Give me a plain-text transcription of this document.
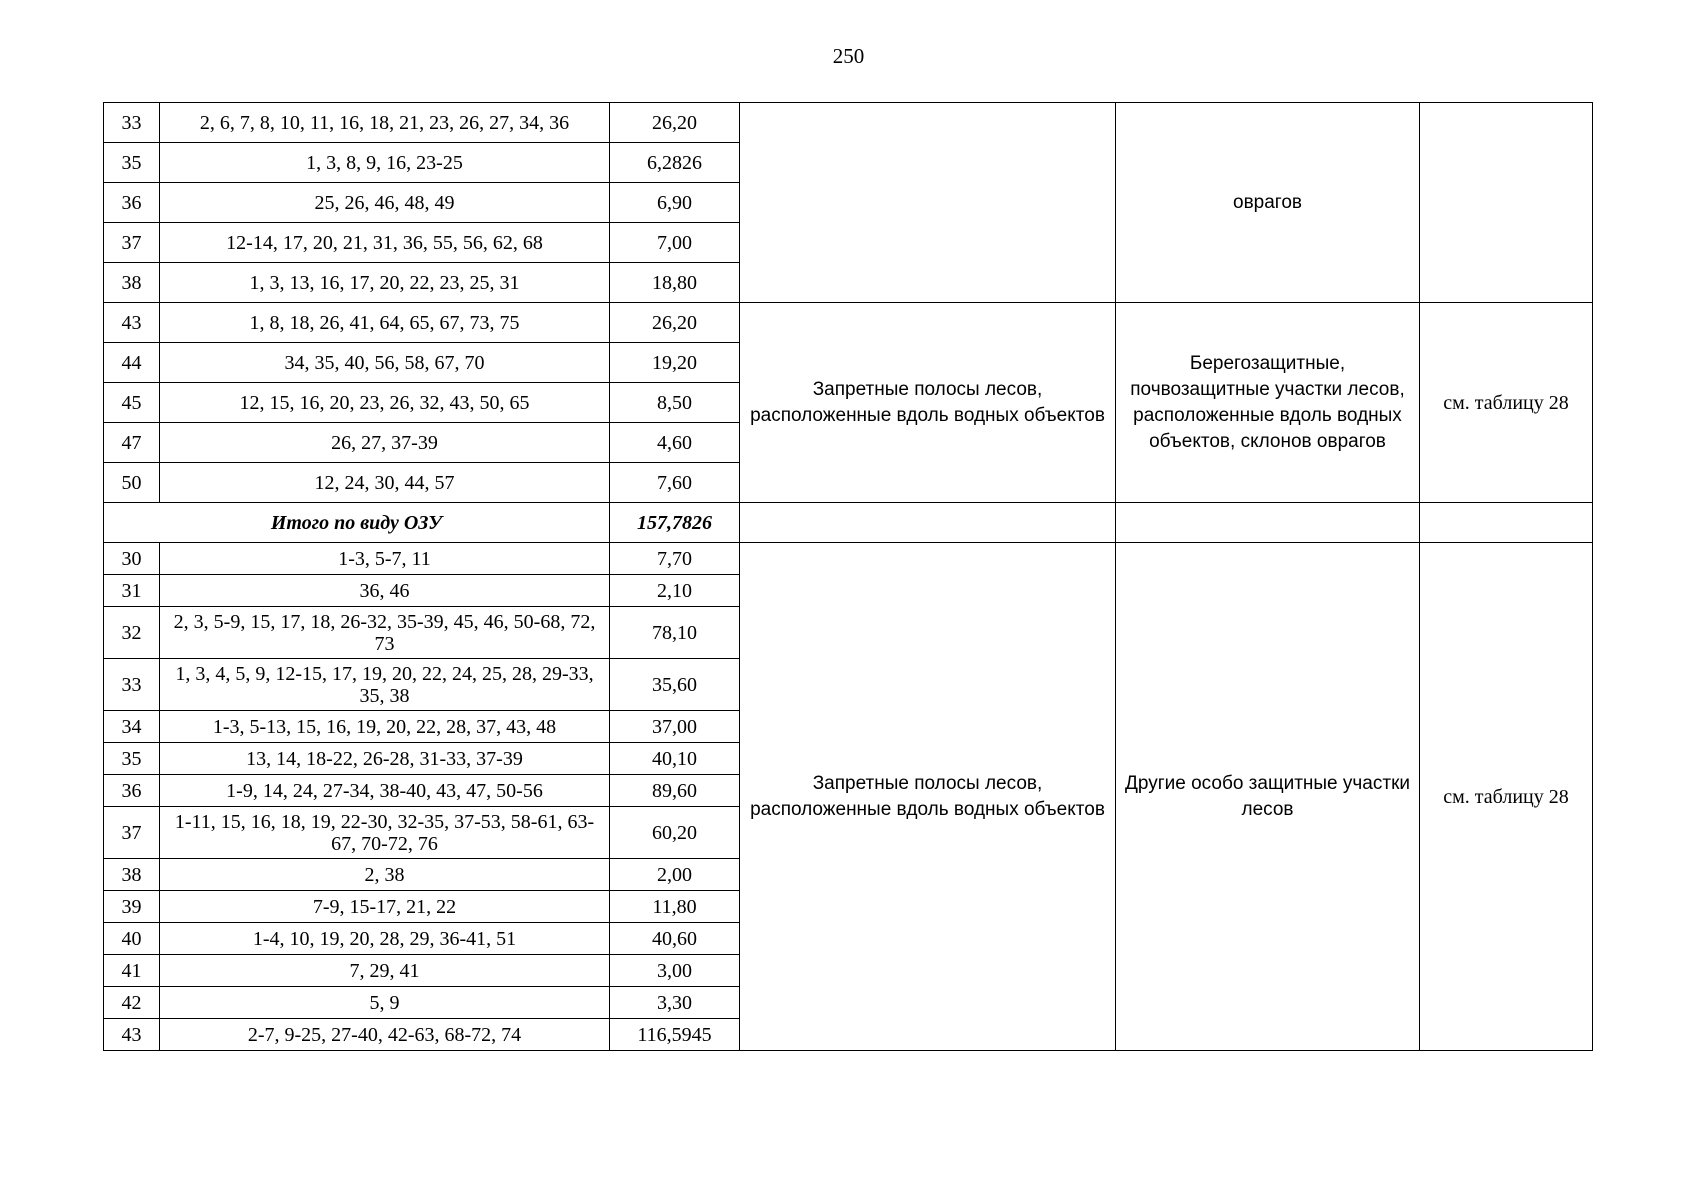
250
33	2, 6, 7, 8, 10, 11, 16, 18, 21, 23, 26, 27, 34, 36	26,20		оврагов	
35	1, 3, 8, 9, 16, 23-25	6,2826			
36	25, 26, 46, 48, 49	6,90			
37	12-14, 17, 20, 21, 31, 36, 55, 56, 62, 68	7,00			
38	1, 3, 13, 16, 17, 20, 22, 23, 25, 31	18,80			
43	1, 8, 18, 26, 41, 64, 65, 67, 73, 75	26,20	Запретные полосы лесов, расположенные вдоль водных объектов	Берегозащитные, почвозащитные участки лесов, расположенные вдоль водных объектов, склонов оврагов	см. таблицу 28
44	34, 35, 40, 56, 58, 67, 70	19,20			
45	12, 15, 16, 20, 23, 26, 32, 43, 50, 65	8,50			
47	26, 27, 37-39	4,60			
50	12, 24, 30, 44, 57	7,60			
Итого по виду ОЗУ		157,7826			
30	1-3, 5-7, 11	7,70	Запретные полосы лесов, расположенные вдоль водных объектов	Другие особо защитные участки лесов	см. таблицу 28
31	36, 46	2,10			
32	2, 3, 5-9, 15, 17, 18, 26-32, 35-39, 45, 46, 50-68, 72, 73	78,10			
33	1, 3, 4, 5, 9, 12-15, 17, 19, 20, 22, 24, 25, 28, 29-33, 35, 38	35,60			
34	1-3, 5-13, 15, 16, 19, 20, 22, 28, 37, 43, 48	37,00			
35	13, 14, 18-22, 26-28, 31-33, 37-39	40,10			
36	1-9, 14, 24, 27-34, 38-40, 43, 47, 50-56	89,60			
37	1-11, 15, 16, 18, 19, 22-30, 32-35, 37-53, 58-61, 63-67, 70-72, 76	60,20			
38	2, 38	2,00			
39	7-9, 15-17, 21, 22	11,80			
40	1-4, 10, 19, 20, 28, 29, 36-41, 51	40,60			
41	7, 29, 41	3,00			
42	5, 9	3,30			
43	2-7, 9-25, 27-40, 42-63, 68-72, 74	116,5945			
